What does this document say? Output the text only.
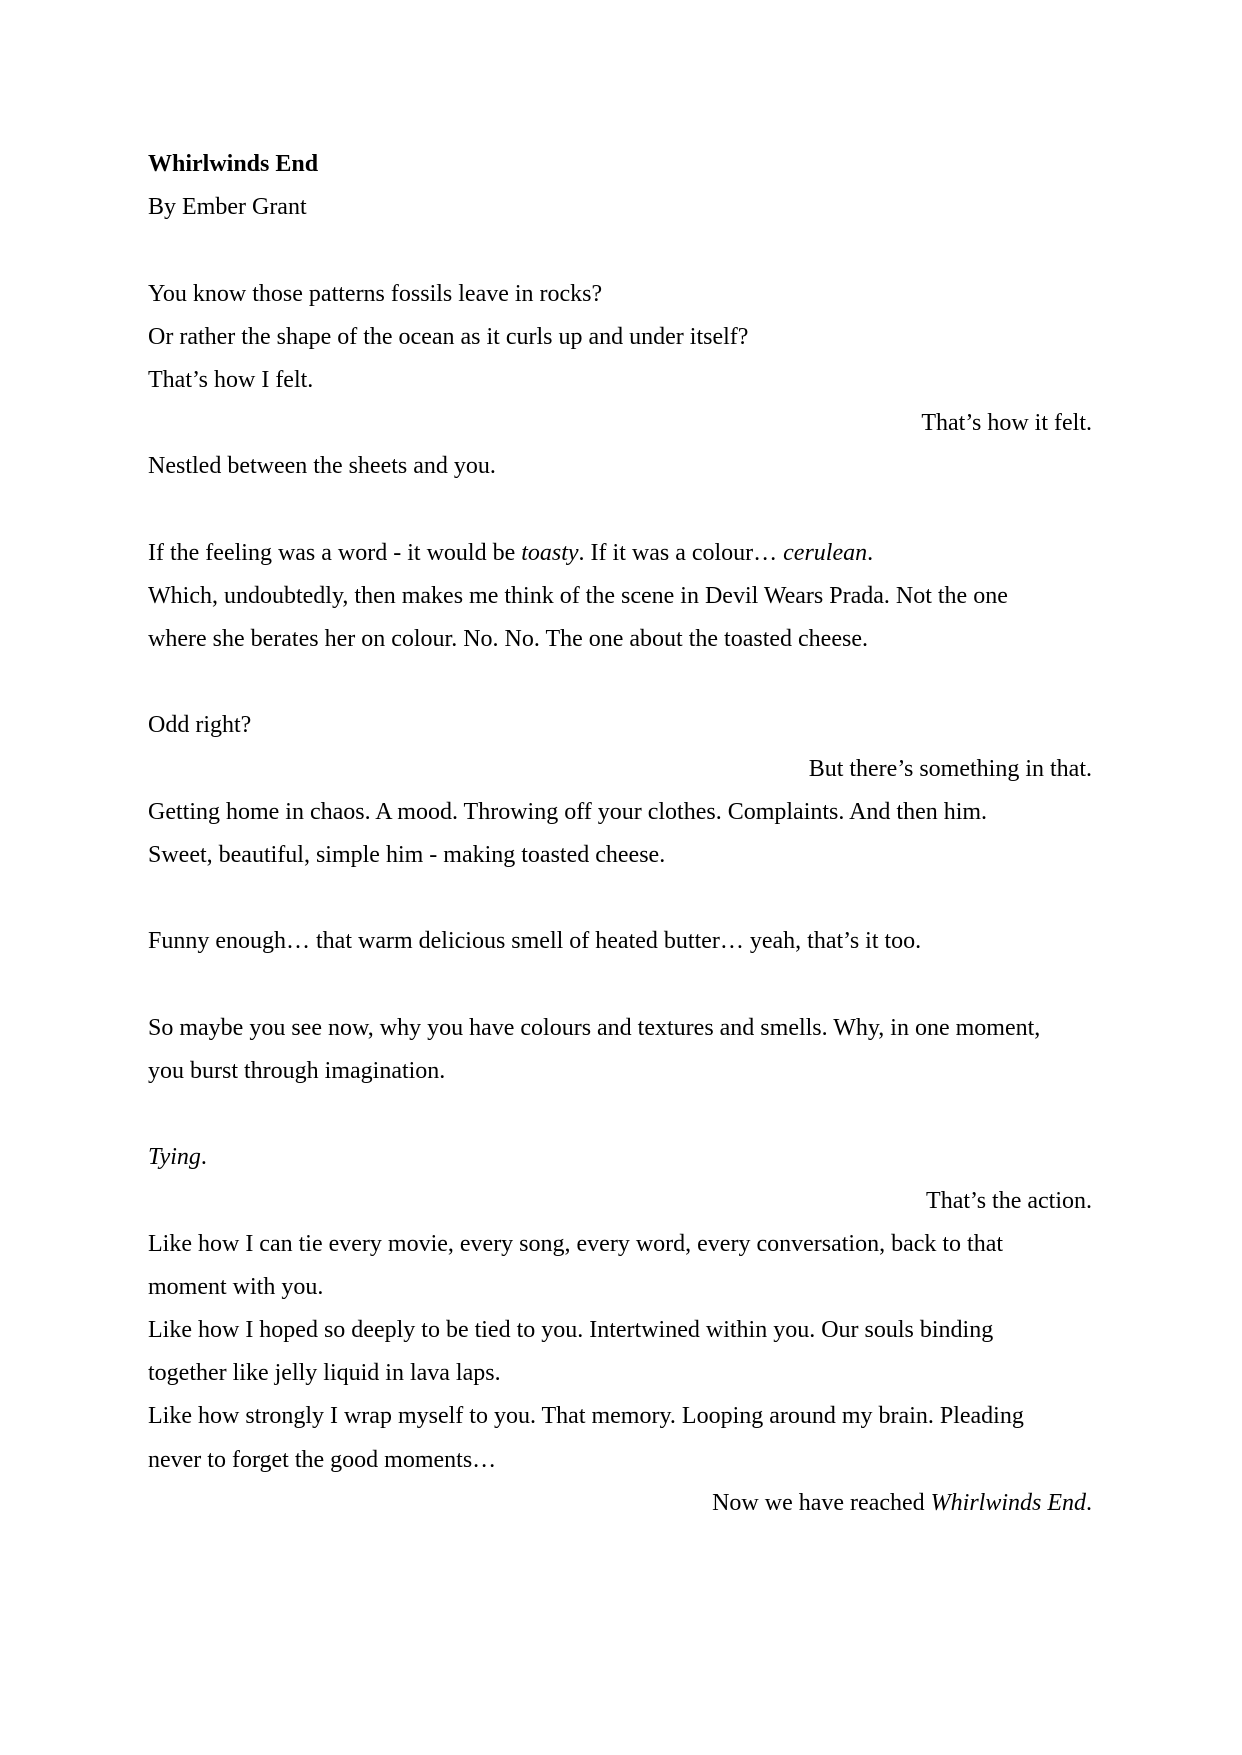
Whirlwinds End
By Ember Grant
You know those patterns fossils leave in rocks?
Or rather the shape of the ocean as it curls up and under itself?
That’s how I felt.
That’s how it felt.
Nestled between the sheets and you.
If the feeling was a word - it would be toasty. If it was a colour… cerulean.
Which, undoubtedly, then makes me think of the scene in Devil Wears Prada. Not the one
where she berates her on colour. No. No. The one about the toasted cheese.
Odd right?
But there’s something in that.
Getting home in chaos. A mood. Throwing off your clothes. Complaints. And then him.
Sweet, beautiful, simple him - making toasted cheese.
Funny enough… that warm delicious smell of heated butter… yeah, that’s it too.
So maybe you see now, why you have colours and textures and smells. Why, in one moment,
you burst through imagination.
Tying.
That’s the action.
Like how I can tie every movie, every song, every word, every conversation, back to that
moment with you.
Like how I hoped so deeply to be tied to you. Intertwined within you. Our souls binding
together like jelly liquid in lava laps.
Like how strongly I wrap myself to you. That memory. Looping around my brain. Pleading
never to forget the good moments…
Now we have reached Whirlwinds End.
